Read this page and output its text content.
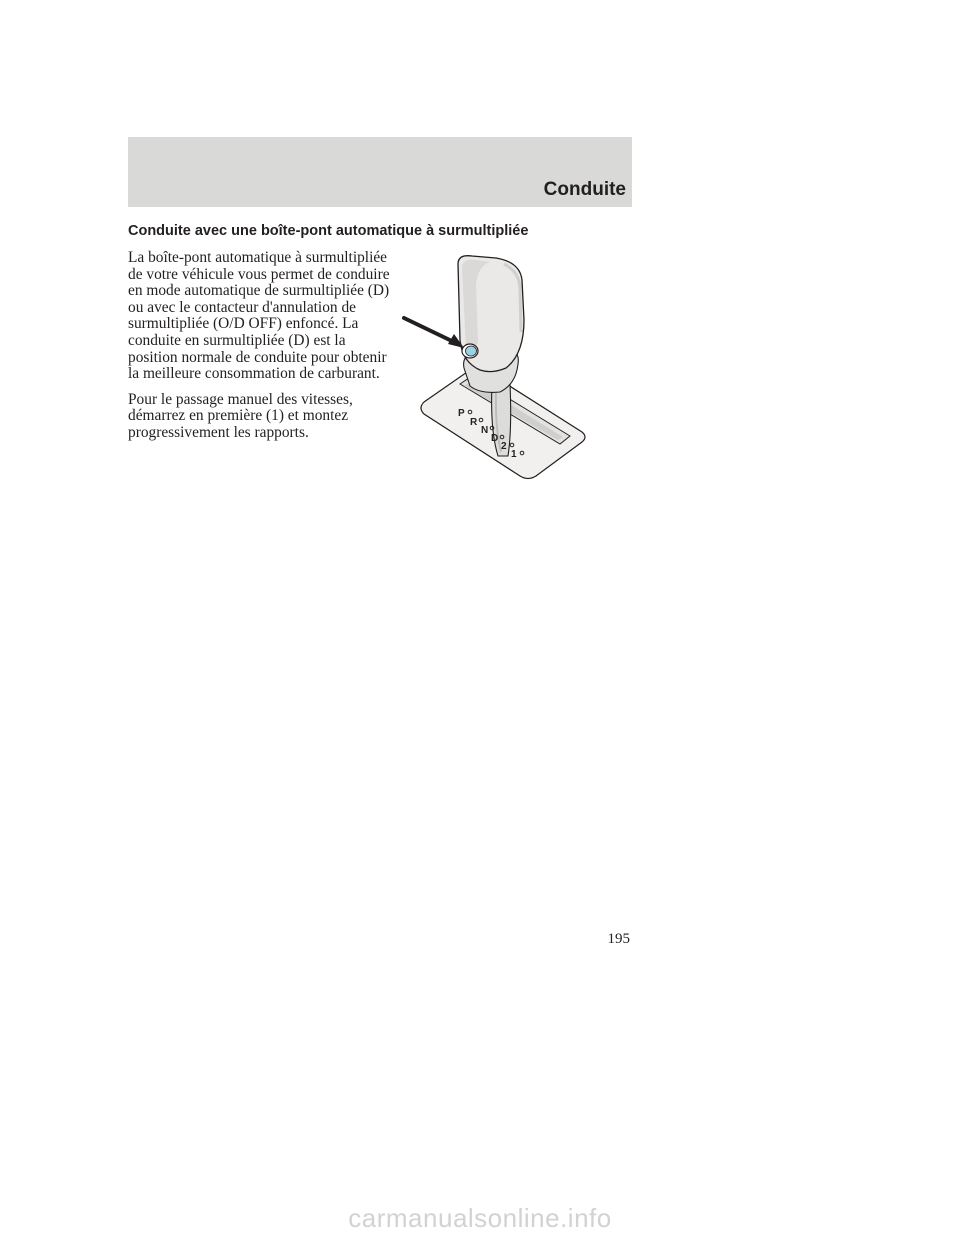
Conduite
Conduite avec une boîte-pont automatique à surmultipliée

La boîte-pont automatique à surmultipliée de votre véhicule vous permet de conduire en mode automatique de surmultipliée (D) ou avec le contacteur d'annulation de surmultipliée (O/D OFF) enfoncé. La conduite en surmultipliée (D) est la position normale de conduite pour obtenir la meilleure consommation de carburant.

Pour le passage manuel des vitesses, démarrez en première (1) et montez progressivement les rapports.

P
R
N
D
2
1
195
carmanualsonline.info
